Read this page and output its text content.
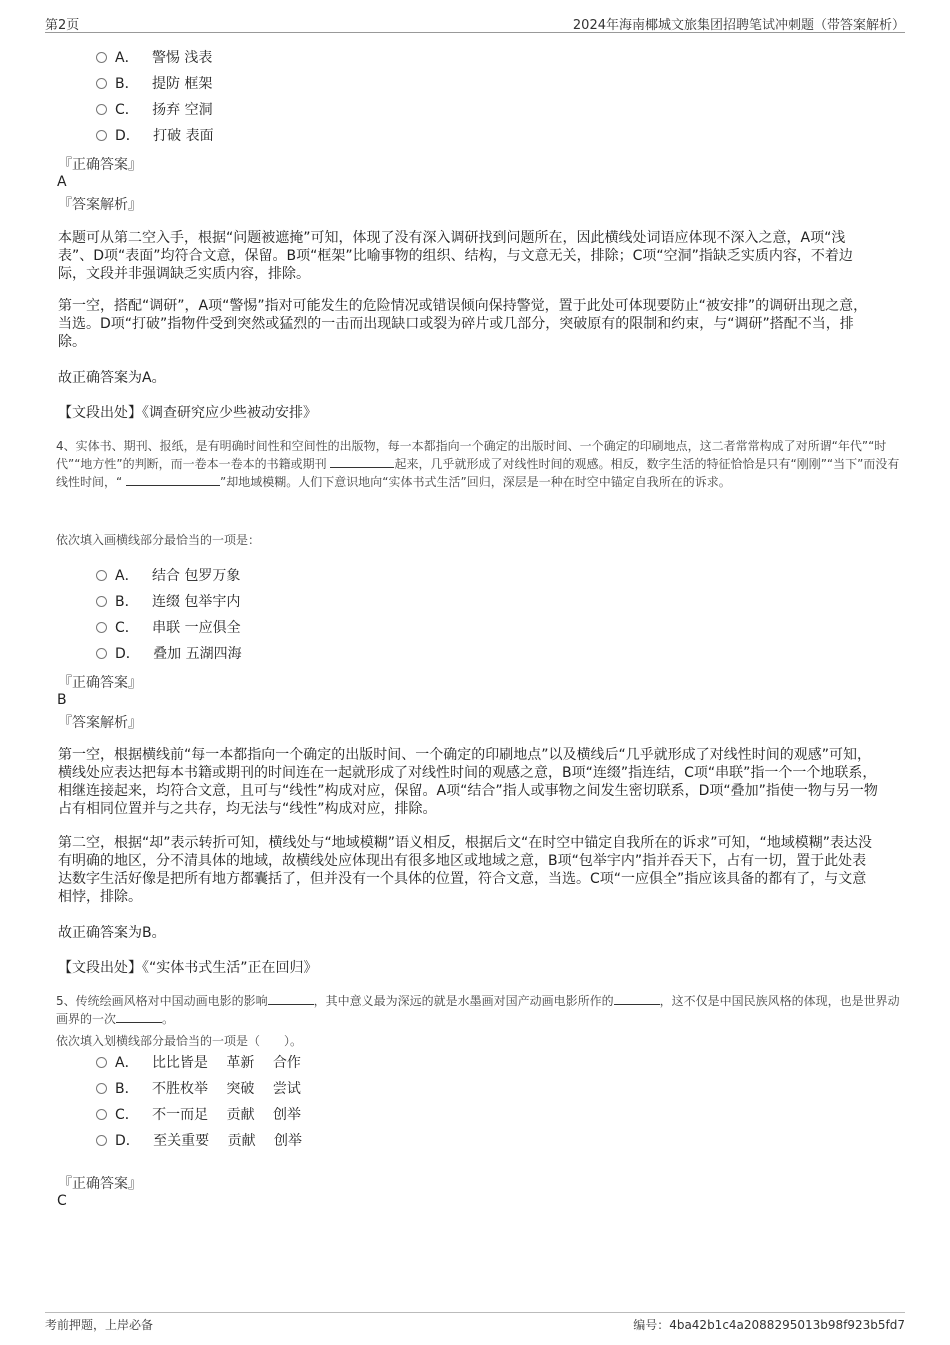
第2页	2024年海南椰城文旅集团招聘笔试冲刺题（带答案解析）
A． 警惕 浅表
B． 提防 框架
C． 扬弃 空洞
D． 打破 表面
『正确答案』
A
『答案解析』
本题可从第二空入手，根据“问题被遮掩”可知，体现了没有深入调研找到问题所在，因此横线处词语应体现不深入之意，A项“浅表”、D项“表面”均符合文意，保留。B项“框架”比喻事物的组织、结构，与文意无关，排除；C项“空洞”指缺乏实质内容，不着边际，文段并非强调缺乏实质内容，排除。
第一空，搭配“调研”，A项“警惕”指对可能发生的危险情况或错误倾向保持警觉，置于此处可体现要防止“被安排”的调研出现之意，当选。D项“打破”指物件受到突然或猛烈的一击而出现缺口或裂为碎片或几部分，突破原有的限制和约束，与“调研”搭配不当，排除。
故正确答案为A。
【文段出处】《调查研究应少些被动安排》
4、实体书、期刊、报纸，是有明确时间性和空间性的出版物，每一本都指向一个确定的出版时间、一个确定的印刷地点，这二者常常构成了对所谓“年代”“时代”“地方性”的判断，而一卷本一卷本的书籍或期刊	起来，几乎就形成了对线性时间的观感。相反，数字生活的特征恰恰是只有“刚刚”“当下”而没有线性时间，“	”却地域模糊。人们下意识地向“实体书式生活”回归，深层是一种在时空中锚定自我所在的诉求。
依次填入画横线部分最恰当的一项是：
A． 结合 包罗万象
B． 连缀 包举宇内
C． 串联 一应俱全
D． 叠加 五湖四海
『正确答案』
B
『答案解析』
第一空，根据横线前“每一本都指向一个确定的出版时间、一个确定的印刷地点”以及横线后“几乎就形成了对线性时间的观感”可知，横线处应表达把每本书籍或期刊的时间连在一起就形成了对线性时间的观感之意，B项“连缀”指连结，C项“串联”指一个一个地联系，相继连接起来，均符合文意，且可与“线性”构成对应，保留。A项“结合”指人或事物之间发生密切联系，D项“叠加”指使一物与另一物占有相同位置并与之共存，均无法与“线性”构成对应，排除。
第二空，根据“却”表示转折可知，横线处与“地域模糊”语义相反，根据后文“在时空中锚定自我所在的诉求”可知，“地域模糊”表达没有明确的地区，分不清具体的地域，故横线处应体现出有很多地区或地域之意，B项“包举宇内”指并吞天下，占有一切，置于此处表达数字生活好像是把所有地方都囊括了，但并没有一个具体的位置，符合文意，当选。C项“一应俱全”指应该具备的都有了，与文意相悖，排除。
故正确答案为B。
【文段出处】《“实体书式生活”正在回归》
5、传统绘画风格对中国动画电影的影响	，其中意义最为深远的就是水墨画对国产动画电影所作的	，这不仅是中国民族风格的体现，也是世界动画界的一次	。
依次填入划横线部分最恰当的一项是（　　）。
A． 比比皆是　 革新　 合作
B． 不胜枚举　 突破　 尝试
C． 不一而足　 贡献　 创举
D． 至关重要　 贡献　 创举
『正确答案』
C
考前押题，上岸必备	编号：4ba42b1c4a2088295013b98f923b5fd7
